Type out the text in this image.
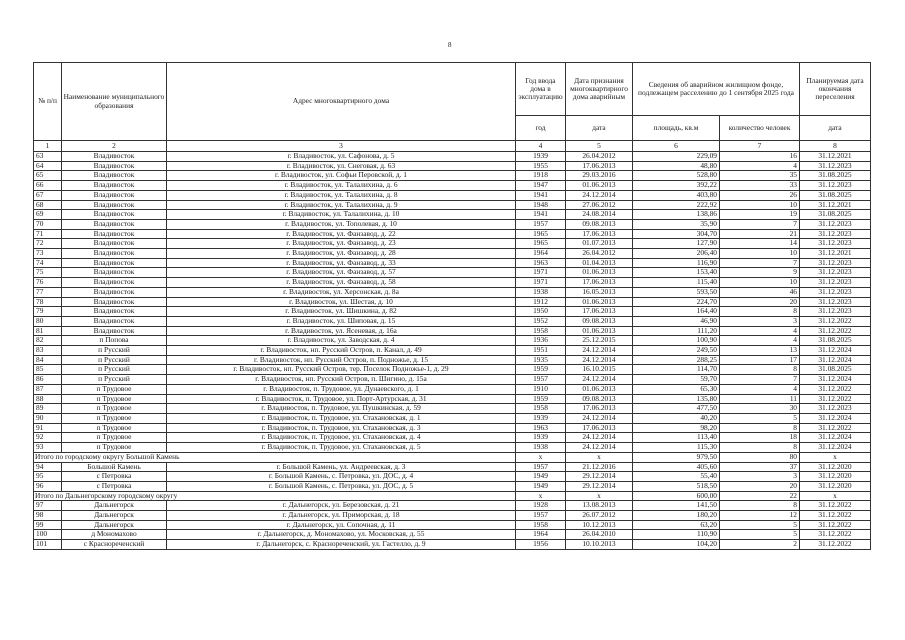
8
№ п/п	Наименование муниципального образования	Адрес многоквартирного дома	Год ввода дома в эксплуатацию	Дата признания многоквартирного дома аварийным	Сведения об аварийном жилищном фонде, подлежащем расселению до 1 сентября 2025 года		Планируемая дата окончания переселения
			год	дата	площадь, кв.м	количество человек	дата
1	2	3	4	5	6	7	8
63	Владивосток	г. Владивосток, ул. Сафонова, д. 5	1939	26.04.2012	229,09	16	31.12.2021
64	Владивосток	г. Владивосток, ул. Снеговая, д. 63	1955	17.06.2013	48,80	4	31.12.2023
65	Владивосток	г. Владивосток, ул. Софьи Перовской, д. 1	1918	29.03.2016	528,80	35	31.08.2025
66	Владивосток	г. Владивосток, ул. Талалихина, д. 6	1947	01.06.2013	392,22	33	31.12.2023
67	Владивосток	г. Владивосток, ул. Талалихина, д. 8	1941	24.12.2014	403,80	26	31.08.2025
68	Владивосток	г. Владивосток, ул. Талалихина, д. 9	1948	27.06.2012	222,92	10	31.12.2021
69	Владивосток	г. Владивосток, ул. Талалихина, д. 10	1941	24.08.2014	138,86	19	31.08.2025
70	Владивосток	г. Владивосток, ул. Тополевая, д. 10	1957	09.08.2013	35,90	7	31.12.2023
71	Владивосток	г. Владивосток, ул. Фанзавод, д. 22	1965	17.06.2013	304,70	21	31.12.2023
72	Владивосток	г. Владивосток, ул. Фанзавод, д. 23	1965	01.07.2013	127,90	14	31.12.2023
73	Владивосток	г. Владивосток, ул. Фанзавод, д. 28	1964	26.04.2012	206,40	10	31.12.2021
74	Владивосток	г. Владивосток, ул. Фанзавод, д. 33	1963	01.04.2013	116,90	7	31.12.2023
75	Владивосток	г. Владивосток, ул. Фанзавод, д. 57	1971	01.06.2013	153,40	9	31.12.2023
76	Владивосток	г. Владивосток, ул. Фанзавод, д. 58	1971	17.06.2013	115,40	10	31.12.2023
77	Владивосток	г. Владивосток, ул. Херсонская, д. 8а	1938	16.05.2013	593,50	46	31.12.2023
78	Владивосток	г. Владивосток, ул. Шестая, д. 10	1912	01.06.2013	224,70	20	31.12.2023
79	Владивосток	г. Владивосток, ул. Шишкина, д. 82	1950	17.06.2013	164,40	8	31.12.2023
80	Владивосток	г. Владивосток, ул. Шиповая, д. 15	1952	09.08.2013	46,90	3	31.12.2022
81	Владивосток	г. Владивосток, ул. Ясеневая, д. 16а	1958	01.06.2013	111,20	4	31.12.2022
82	п Попова	г. Владивосток, ул. Заводская, д. 4	1936	25.12.2015	100,90	4	31.08.2025
83	п Русский	г. Владивосток, нп. Русский Остров, п. Канал, д. 49	1951	24.12.2014	249,50	13	31.12.2024
84	п Русский	г. Владивосток, нп. Русский Остров, п. Подножье, д. 15	1935	24.12.2014	288,25	17	31.12.2024
85	п Русский	г. Владивосток, нп. Русский Остров, тер. Поселок Подножье-1, д. 29	1959	16.10.2015	114,70	8	31.08.2025
86	п Русский	г. Владивосток, нп. Русский Остров, п. Шигино, д. 15а	1957	24.12.2014	59,70	7	31.12.2024
87	п Трудовое	г. Владивосток, п. Трудовое, ул. Дунаевского, д. 1	1910	01.06.2013	65,30	4	31.12.2022
88	п Трудовое	г. Владивосток, п. Трудовое, ул. Порт-Артурская, д. 31	1959	09.08.2013	135,80	11	31.12.2022
89	п Трудовое	г. Владивосток, п. Трудовое, ул. Пушкинская, д. 59	1958	17.06.2013	477,50	30	31.12.2023
90	п Трудовое	г. Владивосток, п. Трудовое, ул. Стахановская, д. 1	1939	24.12.2014	40,20	5	31.12.2024
91	п Трудовое	г. Владивосток, п. Трудовое, ул. Стахановская, д. 3	1963	17.06.2013	98,20	8	31.12.2022
92	п Трудовое	г. Владивосток, п. Трудовое, ул. Стахановская, д. 4	1939	24.12.2014	113,40	18	31.12.2024
93	п Трудовое	г. Владивосток, п. Трудовое, ул. Стахановская, д. 5	1938	24.12.2014	115,30	8	31.12.2024
Итого по городскому округу Большой Камень			x	x	979,50	80	x
94	Большой Камень	г. Большой Камень, ул. Андреевская, д. 3	1957	21.12.2016	405,60	37	31.12.2020
95	с Петровка	г. Большой Камень, с. Петровка, ул. ДОС, д. 4	1949	29.12.2014	55,40	3	31.12.2020
96	с Петровка	г. Большой Камень, с. Петровка, ул. ДОС, д. 5	1949	29.12.2014	518,50	20	31.12.2020
Итого по Дальнегорскому городскому округу			x	x	600,00	22	x
97	Дальнегорск	г. Дальнегорск, ул. Березовская, д. 21	1928	13.08.2013	141,50	8	31.12.2022
98	Дальнегорск	г. Дальнегорск, ул. Приморская, д. 18	1957	26.07.2012	180,20	12	31.12.2022
99	Дальнегорск	г. Дальнегорск, ул. Сопочная, д. 11	1958	10.12.2013	63,20	5	31.12.2022
100	д Мономахово	г. Дальнегорск, д. Мономахово, ул. Московская, д. 55	1964	26.04.2010	110,90	5	31.12.2022
101	с Краснореченский	г. Дальнегорск, с. Краснореченский, ул. Гастелло, д. 9	1956	10.10.2013	104,20	2	31.12.2022
